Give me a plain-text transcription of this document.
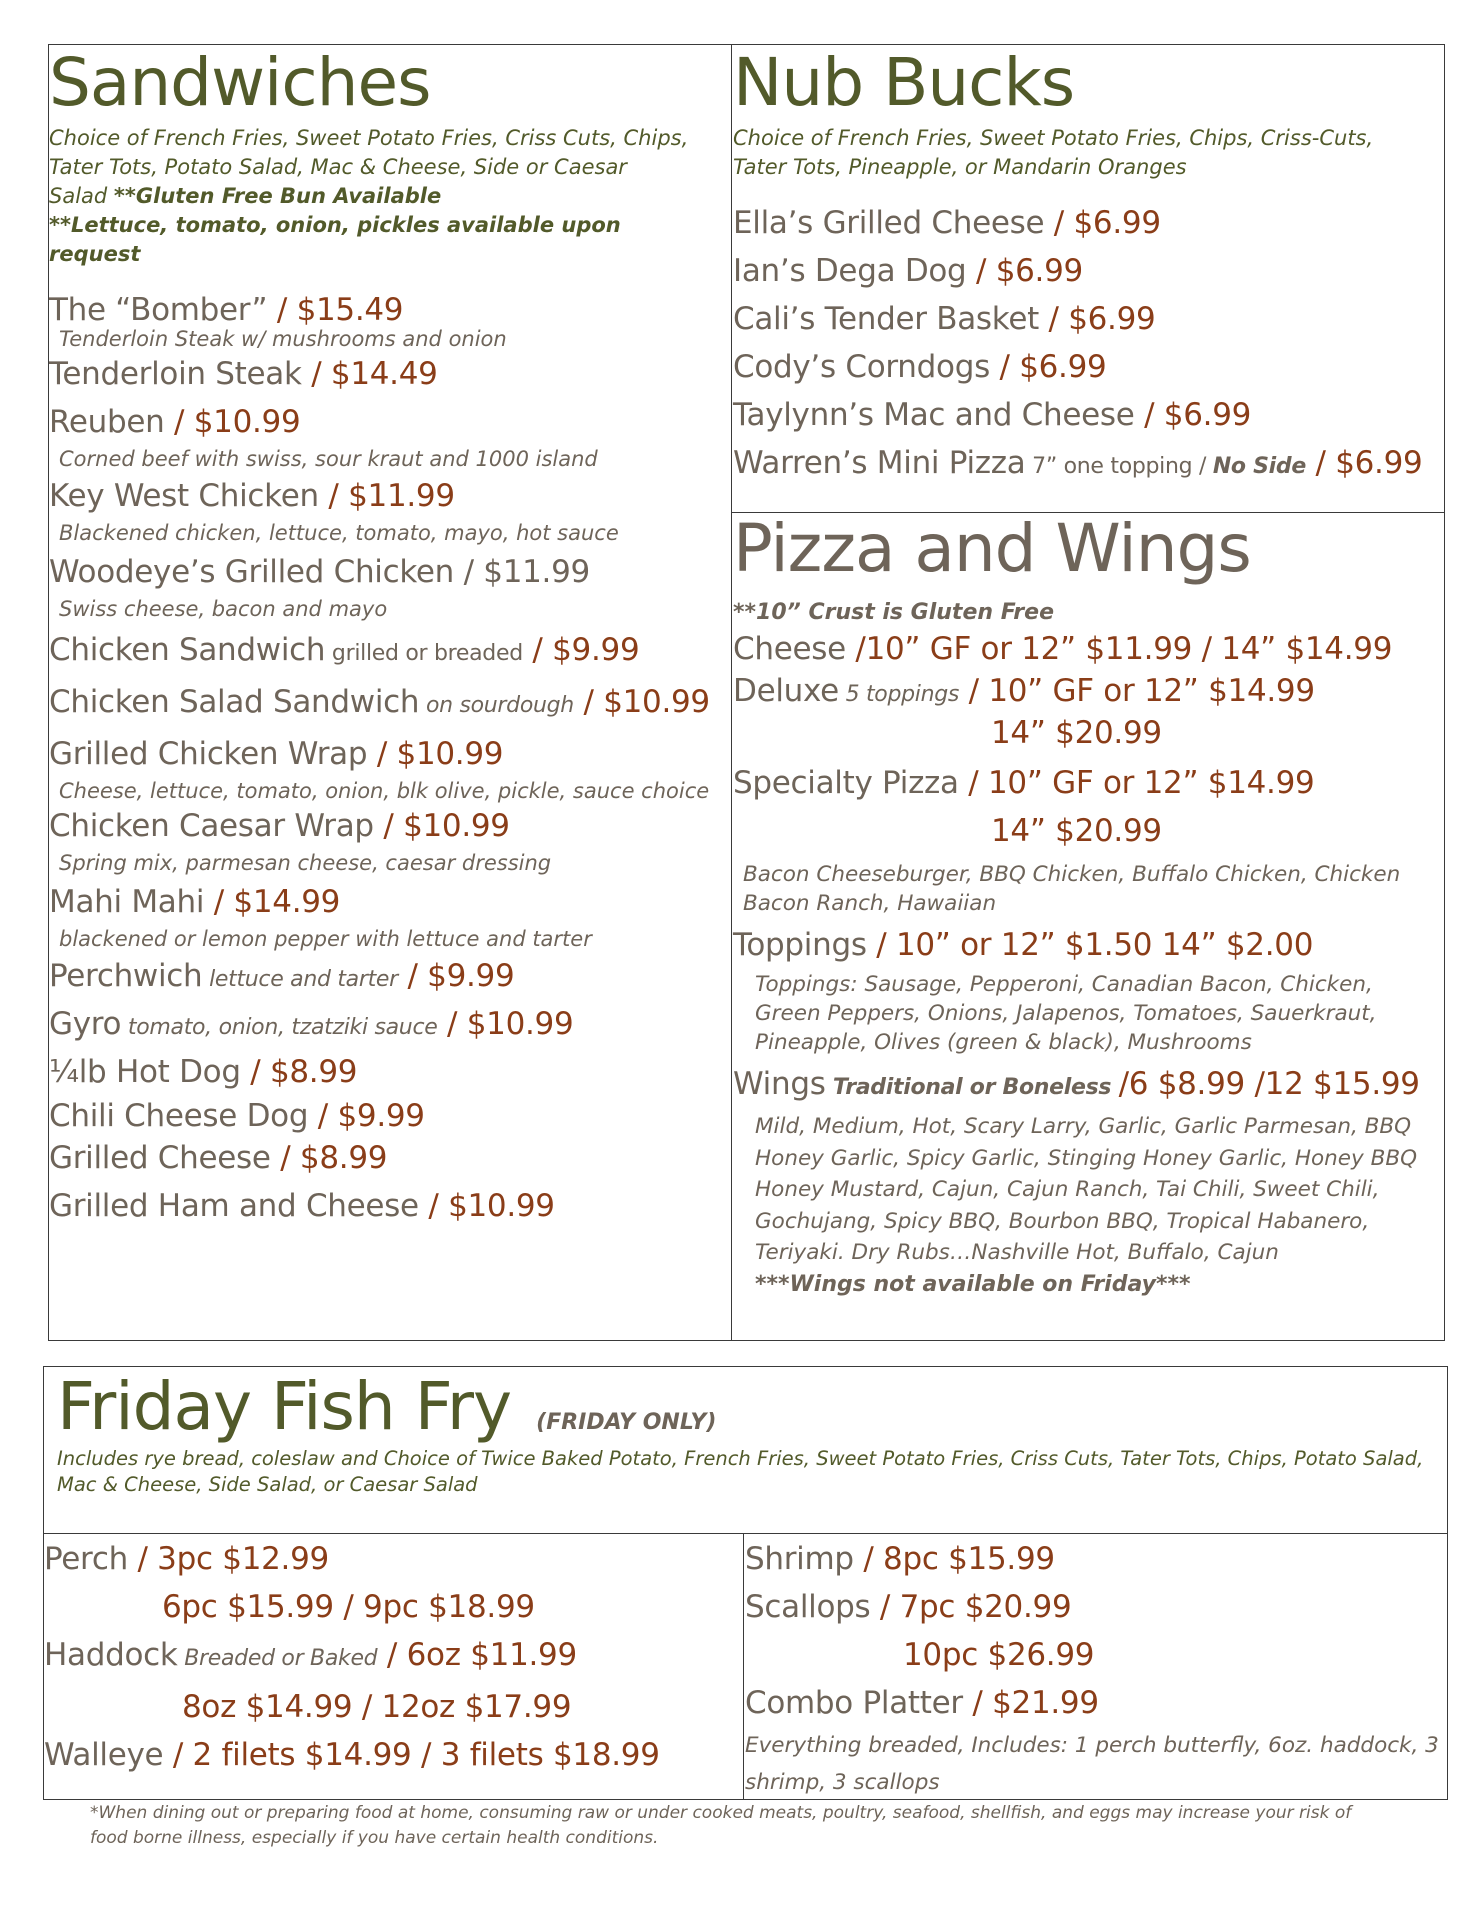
Sandwiches
Choice of French Fries, Sweet Potato Fries, Criss Cuts, Chips, Tater Tots, Potato Salad, Mac & Cheese, Side or Caesar Salad **Gluten Free Bun Available
**Lettuce, tomato, onion, pickles available upon request
The “Bomber” / $15.49
Tenderloin Steak w/ mushrooms and onion
Tenderloin Steak / $14.49
Reuben / $10.99
Corned beef with swiss, sour kraut and 1000 island
Key West Chicken / $11.99
Blackened chicken, lettuce, tomato, mayo, hot sauce
Woodeye’s Grilled Chicken / $11.99
Swiss cheese, bacon and mayo
Chicken Sandwich grilled or breaded / $9.99
Chicken Salad Sandwich on sourdough / $10.99
Grilled Chicken Wrap / $10.99
Cheese, lettuce, tomato, onion, blk olive, pickle, sauce choice
Chicken Caesar Wrap / $10.99
Spring mix, parmesan cheese, caesar dressing
Mahi Mahi / $14.99
blackened or lemon pepper with lettuce and tarter
Perchwich lettuce and tarter / $9.99
Gyro tomato, onion, tzatziki sauce / $10.99
¼lb Hot Dog / $8.99
Chili Cheese Dog / $9.99
Grilled Cheese / $8.99
Grilled Ham and Cheese / $10.99
Nub Bucks
Choice of French Fries, Sweet Potato Fries, Chips, Criss-Cuts, Tater Tots, Pineapple, or Mandarin Oranges
Ella’s Grilled Cheese / $6.99
Ian’s Dega Dog / $6.99
Cali’s Tender Basket / $6.99
Cody’s Corndogs / $6.99
Taylynn’s Mac and Cheese / $6.99
Warren’s Mini Pizza 7” one topping / No Side / $6.99
Pizza and Wings
**10” Crust is Gluten Free
Cheese /10” GF or 12” $11.99 / 14” $14.99
Deluxe 5 toppings / 10” GF or 12” $14.99
14” $20.99
Specialty Pizza / 10” GF or 12” $14.99
14” $20.99
Bacon Cheeseburger, BBQ Chicken, Buffalo Chicken, Chicken Bacon Ranch, Hawaiian
Toppings / 10” or 12” $1.50 14” $2.00
Toppings: Sausage, Pepperoni, Canadian Bacon, Chicken, Green Peppers, Onions, Jalapenos, Tomatoes, Sauerkraut, Pineapple, Olives (green & black), Mushrooms
Wings Traditional or Boneless /6 $8.99 /12 $15.99
Mild, Medium, Hot, Scary Larry, Garlic, Garlic Parmesan, BBQ Honey Garlic, Spicy Garlic, Stinging Honey Garlic, Honey BBQ Honey Mustard, Cajun, Cajun Ranch, Tai Chili, Sweet Chili, Gochujang, Spicy BBQ, Bourbon BBQ, Tropical Habanero, Teriyaki. Dry Rubs…Nashville Hot, Buffalo, Cajun
***Wings not available on Friday***
Friday Fish Fry (FRIDAY ONLY)
Includes rye bread, coleslaw and Choice of Twice Baked Potato, French Fries, Sweet Potato Fries, Criss Cuts, Tater Tots, Chips, Potato Salad, Mac & Cheese, Side Salad, or Caesar Salad
Perch / 3pc $12.99
6pc $15.99 / 9pc $18.99
Haddock Breaded or Baked / 6oz $11.99
8oz $14.99 / 12oz $17.99
Walleye / 2 filets $14.99 / 3 filets $18.99
Shrimp / 8pc $15.99
Scallops / 7pc $20.99
10pc $26.99
Combo Platter / $21.99
Everything breaded, Includes: 1 perch butterfly, 6oz. haddock, 3 shrimp, 3 scallops
*When dining out or preparing food at home, consuming raw or under cooked meats, poultry, seafood, shellfish, and eggs may increase your risk of food borne illness, especially if you have certain health conditions.
